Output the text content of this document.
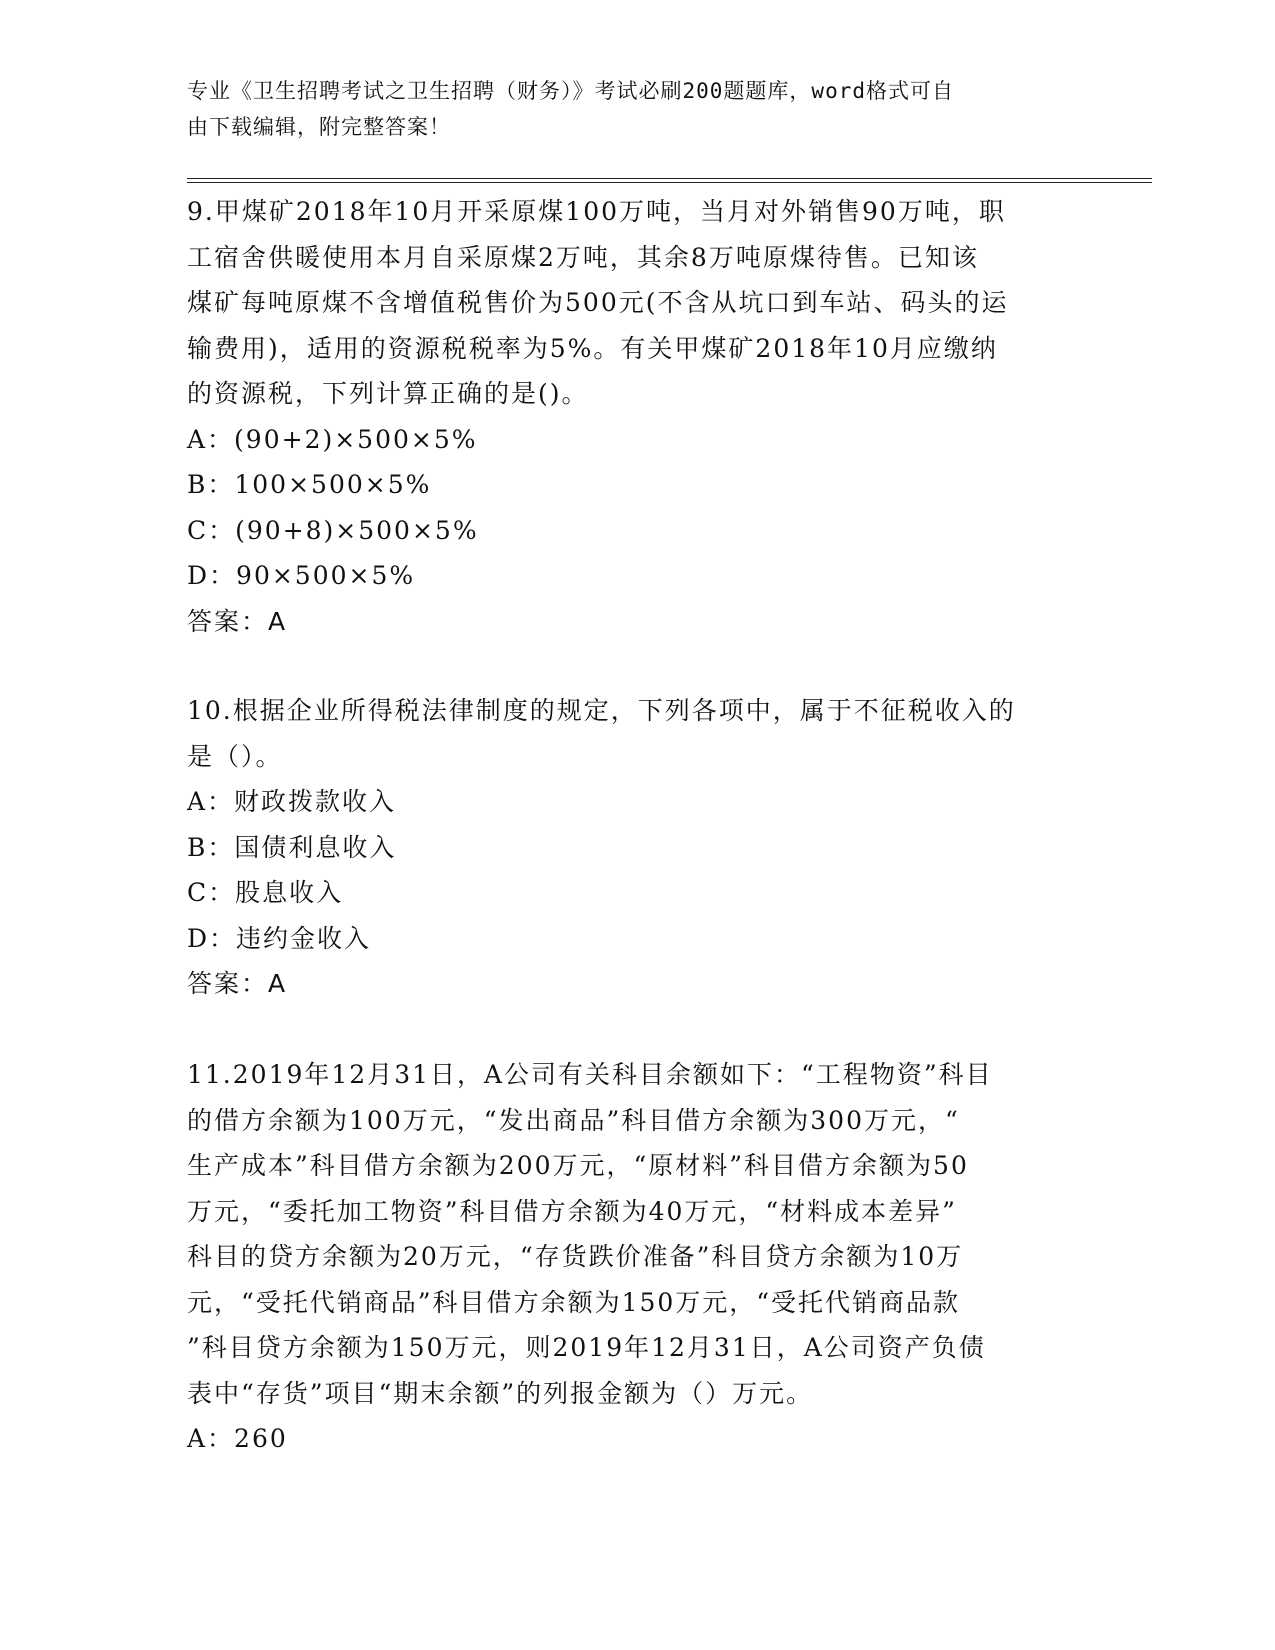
专业《卫生招聘考试之卫生招聘（财务）》考试必刷200题题库，word格式可自
由下载编辑，附完整答案！

9.甲煤矿2018年10月开采原煤100万吨，当月对外销售90万吨，职

工宿舍供暖使用本月自采原煤2万吨，其余8万吨原煤待售。已知该

煤矿每吨原煤不含增值税售价为500元(不含从坑口到车站、码头的运

输费用)，适用的资源税税率为5%。有关甲煤矿2018年10月应缴纳

的资源税，下列计算正确的是()。

A：(90+2)×500×5%

B：100×500×5%

C：(90+8)×500×5%

D：90×500×5%

答案：A

10.根据企业所得税法律制度的规定，下列各项中，属于不征税收入的

是（）。

A：财政拨款收入

B：国债利息收入

C：股息收入

D：违约金收入

答案：A

11.2019年12月31日，A公司有关科目余额如下：“工程物资”科目

的借方余额为100万元，“发出商品”科目借方余额为300万元，“

生产成本”科目借方余额为200万元，“原材料”科目借方余额为50

万元，“委托加工物资”科目借方余额为40万元，“材料成本差异”

科目的贷方余额为20万元，“存货跌价准备”科目贷方余额为10万

元，“受托代销商品”科目借方余额为150万元，“受托代销商品款

”科目贷方余额为150万元，则2019年12月31日，A公司资产负债

表中“存货”项目“期末余额”的列报金额为（）万元。

A：260
